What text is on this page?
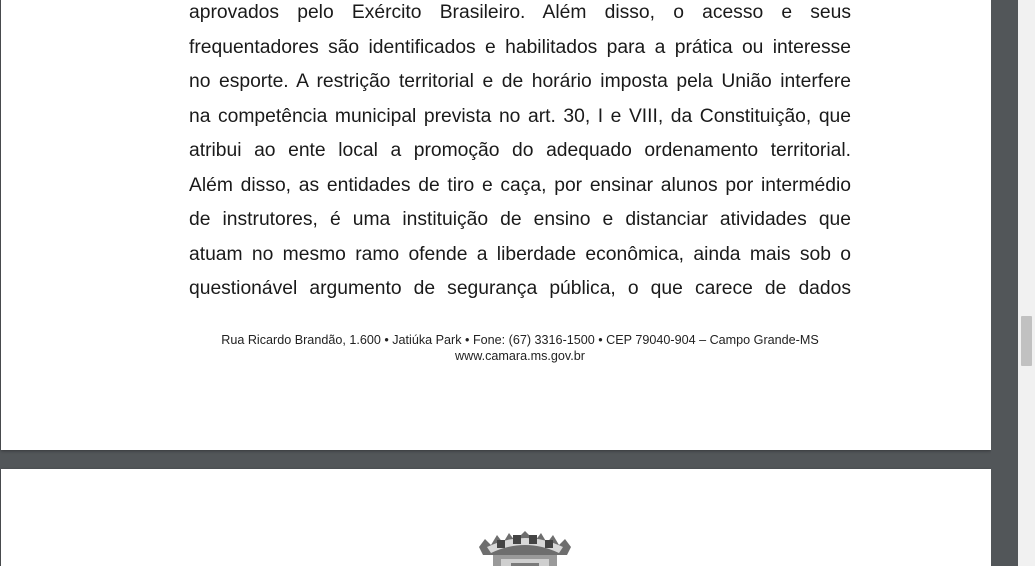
aprovados pelo Exército Brasileiro. Além disso, o acesso e seus
frequentadores são identificados e habilitados para a prática ou interesse
no esporte. A restrição territorial e de horário imposta pela União interfere
na competência municipal prevista no art. 30, I e VIII, da Constituição, que
atribui ao ente local a promoção do adequado ordenamento territorial.
Além disso, as entidades de tiro e caça, por ensinar alunos por intermédio
de instrutores, é uma instituição de ensino e distanciar atividades que
atuam no mesmo ramo ofende a liberdade econômica, ainda mais sob o
questionável argumento de segurança pública, o que carece de dados
Rua Ricardo Brandão, 1.600 • Jatiúka Park • Fone: (67) 3316-1500 • CEP 79040-904 – Campo Grande-MS
www.camara.ms.gov.br
